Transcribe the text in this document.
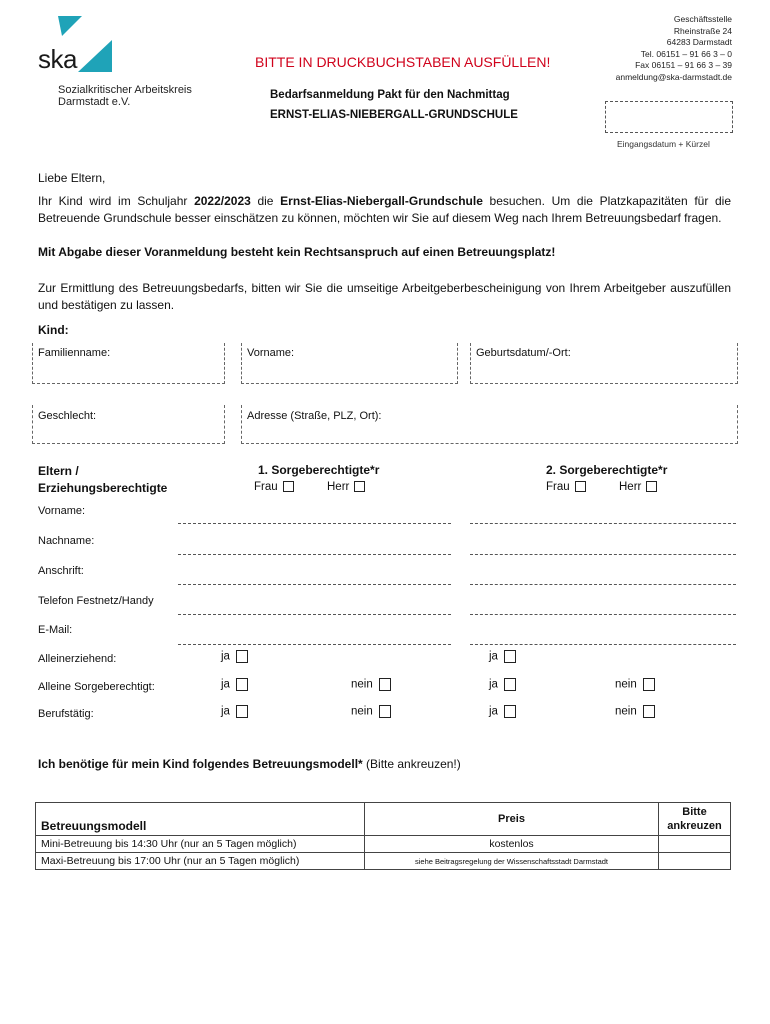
ska
Sozialkritischer Arbeitskreis
Darmstadt e.V.
BITTE IN DRUCKBUCHSTABEN AUSFÜLLEN!
Bedarfsanmeldung Pakt für den Nachmittag
ERNST-ELIAS-NIEBERGALL-GRUNDSCHULE
Geschäftsstelle
Rheinstraße 24
64283 Darmstadt
Tel. 06151 – 91 66 3 – 0
Fax 06151 – 91 66 3 – 39
anmeldung@ska-darmstadt.de
Eingangsdatum + Kürzel
Liebe Eltern,
Ihr Kind wird im Schuljahr 2022/2023 die Ernst-Elias-Niebergall-Grundschule besuchen. Um die Platzkapazitäten für die Betreuende Grundschule besser einschätzen zu können, möchten wir Sie auf diesem Weg nach Ihrem Betreuungsbedarf fragen.
Mit Abgabe dieser Voranmeldung besteht kein Rechtsanspruch auf einen Betreuungsplatz!
Zur Ermittlung des Betreuungsbedarfs, bitten wir Sie die umseitige Arbeitgeberbescheinigung von Ihrem Arbeitgeber auszufüllen und bestätigen zu lassen.
Kind:
Familienname:	Vorname:	Geburtsdatum/-Ort:
Geschlecht:	Adresse (Straße, PLZ, Ort):
Eltern /
Erziehungsberechtigte
1. Sorgeberechtigte*r	2. Sorgeberechtigte*r
Frau	Herr	Frau	Herr
Vorname:
Nachname:
Anschrift:
Telefon Festnetz/Handy
E-Mail:
Alleinerziehend:	ja	ja
Alleine Sorgeberechtigt:	ja	nein	ja	nein
Berufstätig:	ja	nein	ja	nein
Ich benötige für mein Kind folgendes Betreuungsmodell* (Bitte ankreuzen!)
Betreuungsmodell	Preis	Bitte
ankreuzen

Mini-Betreuung bis 14:30 Uhr (nur an 5 Tagen möglich)	kostenlos	
Maxi-Betreuung bis 17:00 Uhr (nur an 5 Tagen möglich)	siehe Beitragsregelung der Wissenschaftsstadt Darmstadt	
